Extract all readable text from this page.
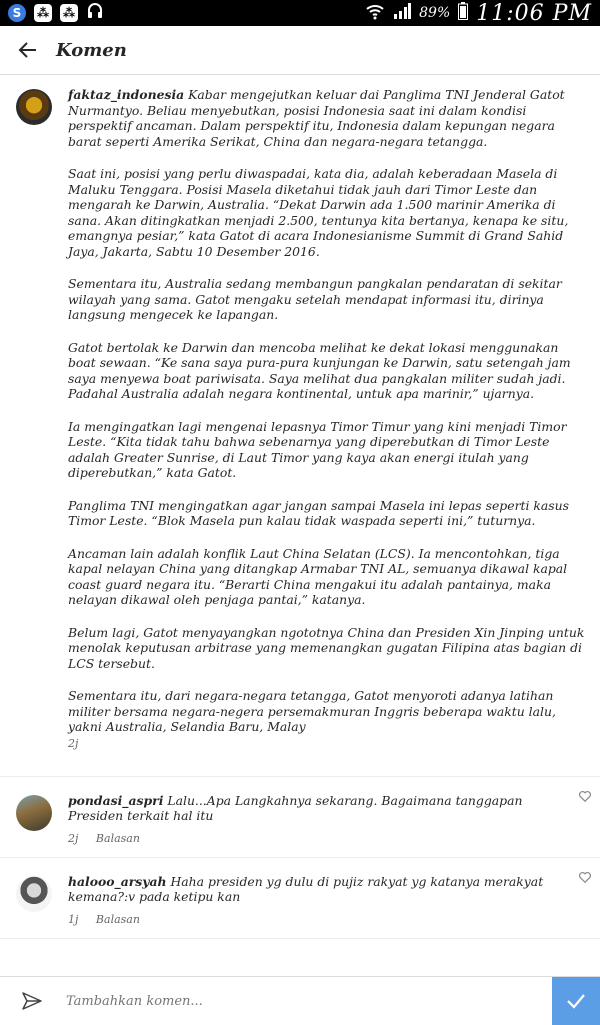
S	⁂ ⁂	89% 11:06 PM
Komen

faktaz_indonesia Kabar mengejutkan keluar dai Panglima TNI Jenderal Gatot Nurmantyo. Beliau menyebutkan, posisi Indonesia saat ini dalam kondisi perspektif ancaman. Dalam perspektif itu, Indonesia dalam kepungan negara barat seperti Amerika Serikat, China dan negara-negara tetangga.

Saat ini, posisi yang perlu diwaspadai, kata dia, adalah keberadaan Masela di Maluku Tenggara. Posisi Masela diketahui tidak jauh dari Timor Leste dan mengarah ke Darwin, Australia. “Dekat Darwin ada 1.500 marinir Amerika di sana. Akan ditingkatkan menjadi 2.500, tentunya kita bertanya, kenapa ke situ, emangnya pesiar,” kata Gatot di acara Indonesianisme Summit di Grand Sahid Jaya, Jakarta, Sabtu 10 Desember 2016.

Sementara itu, Australia sedang membangun pangkalan pendaratan di sekitar wilayah yang sama. Gatot mengaku setelah mendapat informasi itu, dirinya langsung mengecek ke lapangan.

Gatot bertolak ke Darwin dan mencoba melihat ke dekat lokasi menggunakan boat sewaan. “Ke sana saya pura-pura kunjungan ke Darwin, satu setengah jam saya menyewa boat pariwisata. Saya melihat dua pangkalan militer sudah jadi. Padahal Australia adalah negara kontinental, untuk apa marinir,” ujarnya.

Ia mengingatkan lagi mengenai lepasnya Timor Timur yang kini menjadi Timor Leste. “Kita tidak tahu bahwa sebenarnya yang diperebutkan di Timor Leste adalah Greater Sunrise, di Laut Timor yang kaya akan energi itulah yang diperebutkan,” kata Gatot.

Panglima TNI mengingatkan agar jangan sampai Masela ini lepas seperti kasus Timor Leste. “Blok Masela pun kalau tidak waspada seperti ini,” tuturnya.

Ancaman lain adalah konflik Laut China Selatan (LCS). Ia mencontohkan, tiga kapal nelayan China yang ditangkap Armabar TNI AL, semuanya dikawal kapal coast guard negara itu. “Berarti China mengakui itu adalah pantainya, maka nelayan dikawal oleh penjaga pantai,” katanya.

Belum lagi, Gatot menyayangkan ngototnya China dan Presiden Xin Jinping untuk menolak keputusan arbitrase yang memenangkan gugatan Filipina atas bagian di LCS tersebut.

Sementara itu, dari negara-negara tetangga, Gatot menyoroti adanya latihan militer bersama negara-negera persemakmuran Inggris beberapa waktu lalu, yakni Australia, Selandia Baru, Malay

2j
pondasi_aspri Lalu...Apa Langkahnya sekarang. Bagaimana tanggapan Presiden terkait hal itu
2j Balasan
halooo_arsyah Haha presiden yg dulu di pujiz rakyat yg katanya merakyat kemana?:v pada ketipu kan
1j Balasan
Tambahkan komen...
